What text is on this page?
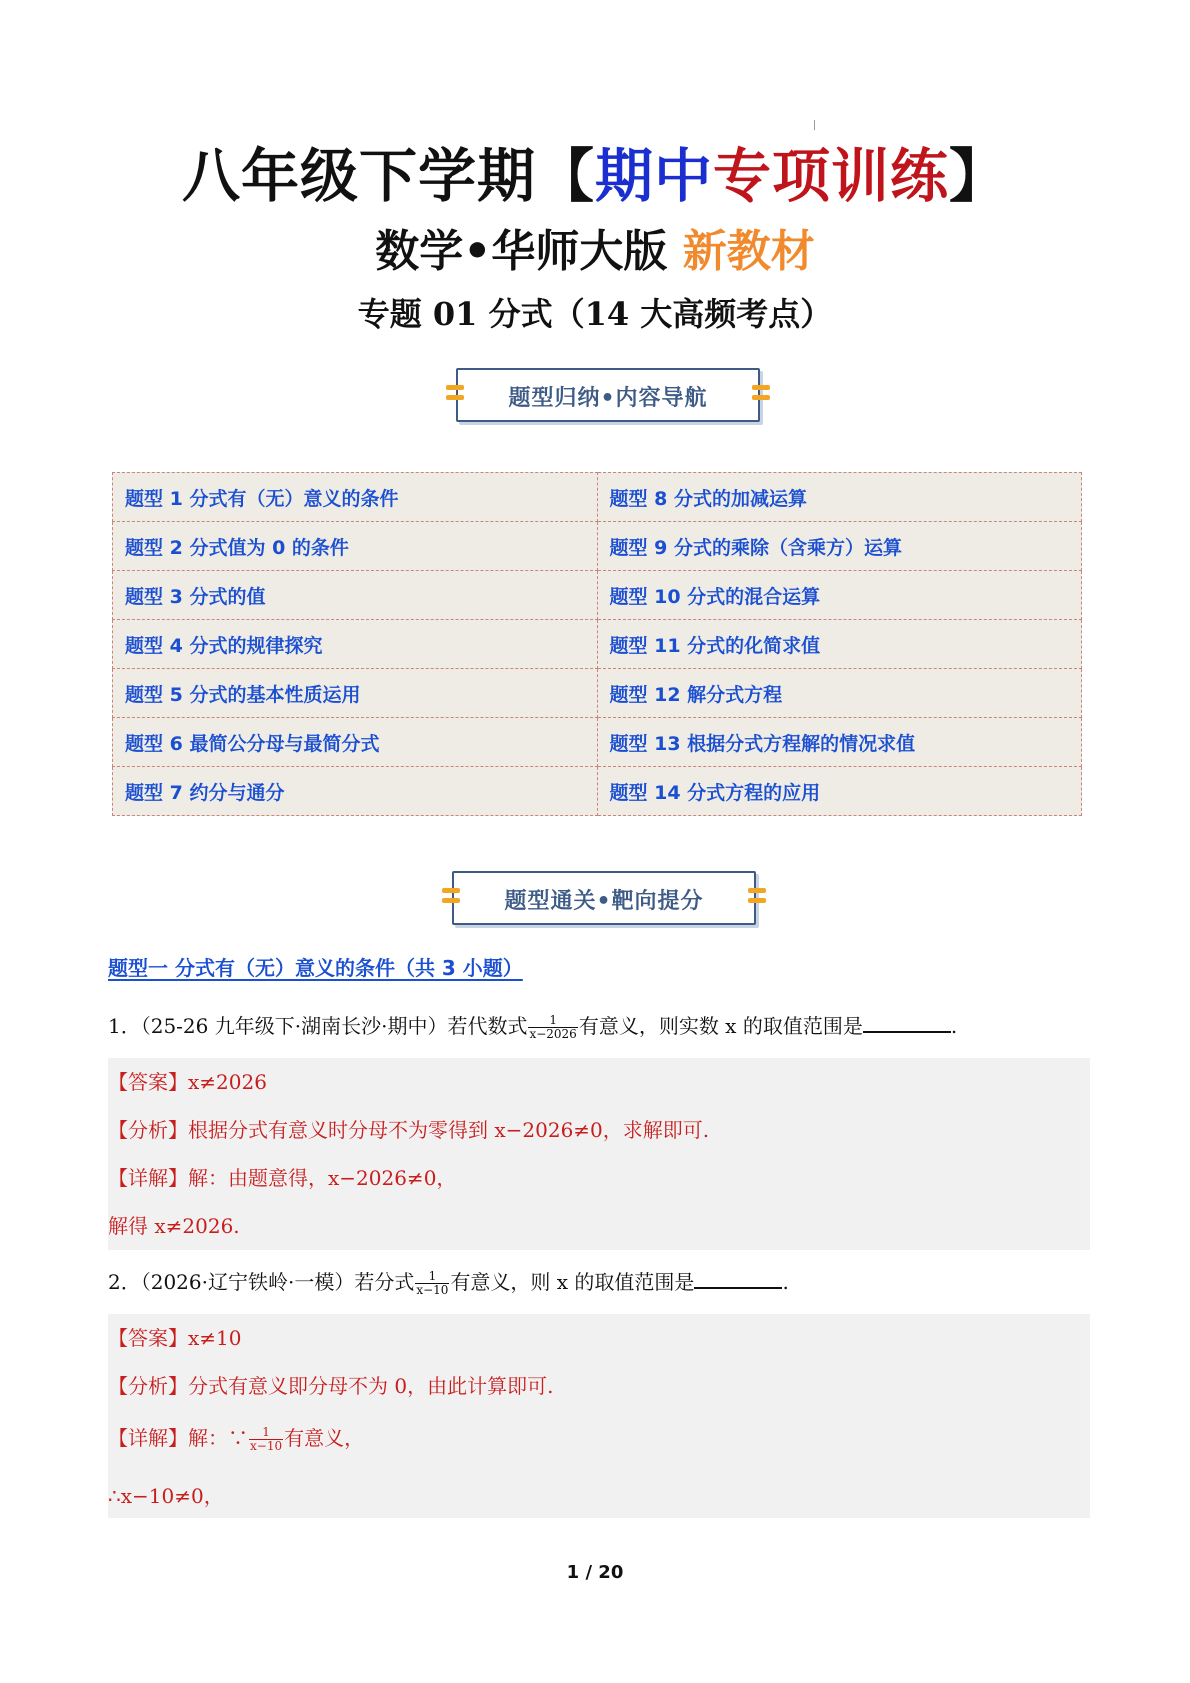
八年级下学期【期中专项训练】
数学•华师大版 新教材
专题 01 分式（14 大高频考点）
题型归纳•内容导航
题型 1 分式有（无）意义的条件	题型 8 分式的加减运算
题型 2 分式值为 0 的条件	题型 9 分式的乘除（含乘方）运算
题型 3 分式的值	题型 10 分式的混合运算
题型 4 分式的规律探究	题型 11 分式的化简求值
题型 5 分式的基本性质运用	题型 12 解分式方程
题型 6 最简公分母与最简分式	题型 13 根据分式方程解的情况求值
题型 7 约分与通分	题型 14 分式方程的应用
题型通关•靶向提分
题型一 分式有（无）意义的条件（共 3 小题）
1．（25-26 九年级下·湖南长沙·期中）若代数式 $\frac{1}{x-2026}$ 有意义，则实数 x 的取值范围是	.
【答案】x≠2026
【分析】根据分式有意义时分母不为零得到 x−2026≠0，求解即可.
【详解】解：由题意得，x−2026≠0，
解得 x≠2026.
2．（2026·辽宁铁岭·一模）若分式 $\frac{1}{x-10}$ 有意义，则 x 的取值范围是	.
【答案】x≠10
【分析】分式有意义即分母不为 0，由此计算即可.
【详解】解：∵ $\frac{1}{x-10}$ 有意义，
∴x−10≠0，
1 / 20
